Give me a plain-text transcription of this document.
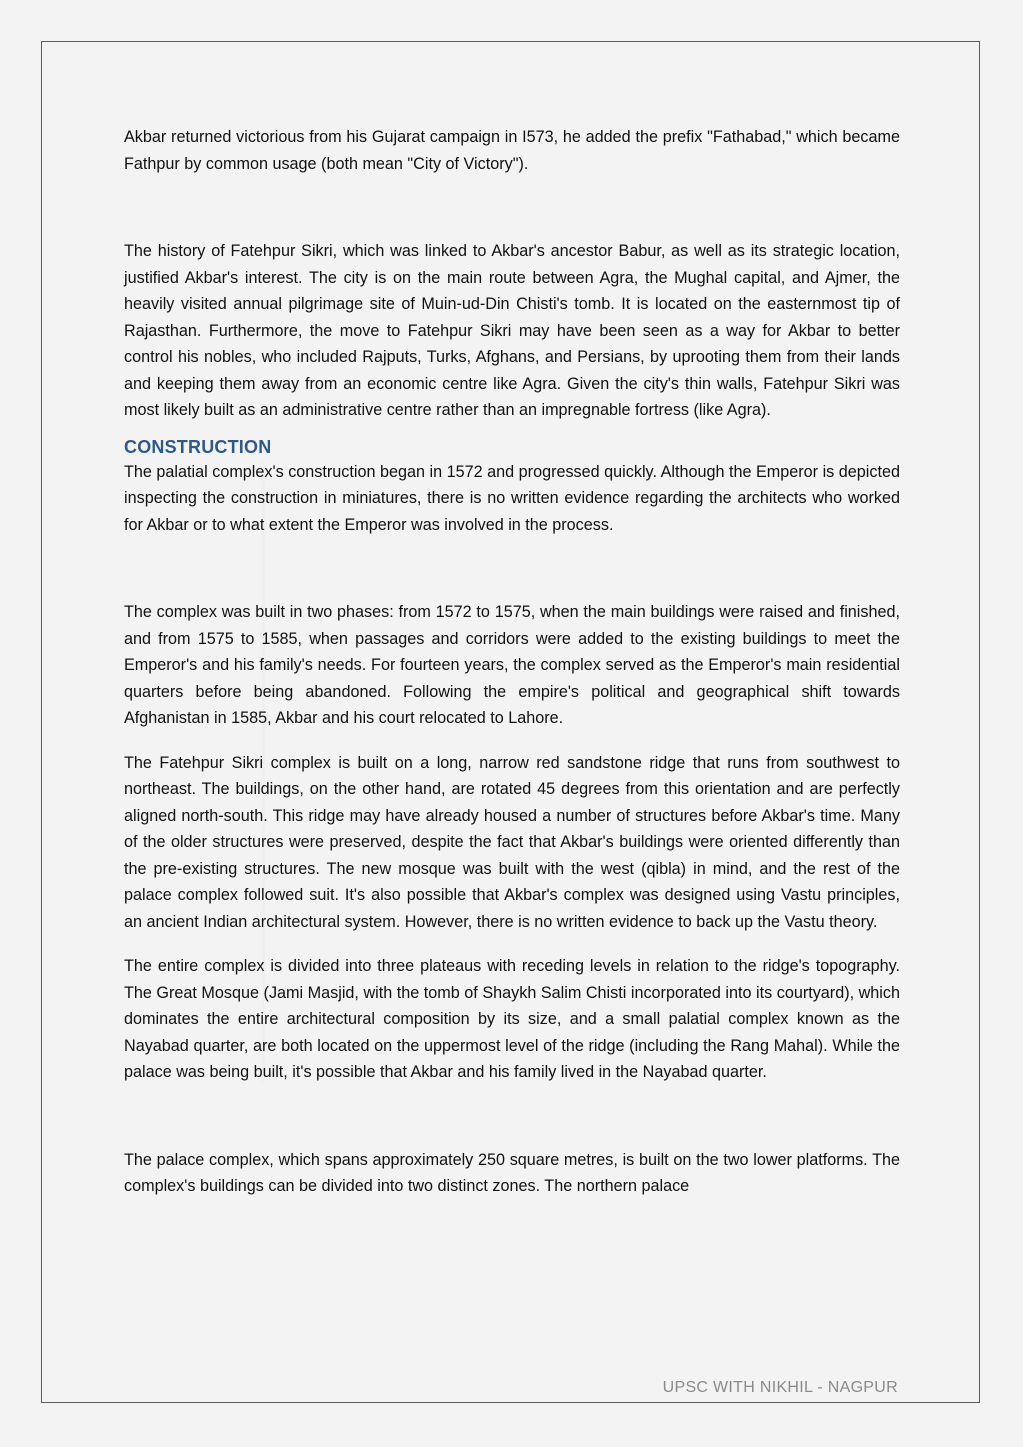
Akbar returned victorious from his Gujarat campaign in I573, he added the prefix "Fathabad," which became Fathpur by common usage (both mean "City of Victory").

The history of Fatehpur Sikri, which was linked to Akbar's ancestor Babur, as well as its strategic location, justified Akbar's interest. The city is on the main route between Agra, the Mughal capital, and Ajmer, the heavily visited annual pilgrimage site of Muin-ud-Din Chisti's tomb. It is located on the easternmost tip of Rajasthan. Furthermore, the move to Fatehpur Sikri may have been seen as a way for Akbar to better control his nobles, who included Rajputs, Turks, Afghans, and Persians, by uprooting them from their lands and keeping them away from an economic centre like Agra. Given the city's thin walls, Fatehpur Sikri was most likely built as an administrative centre rather than an impregnable fortress (like Agra).

CONSTRUCTION

The palatial complex's construction began in 1572 and progressed quickly. Although the Emperor is depicted inspecting the construction in miniatures, there is no written evidence regarding the architects who worked for Akbar or to what extent the Emperor was involved in the process.

The complex was built in two phases: from 1572 to 1575, when the main buildings were raised and finished, and from 1575 to 1585, when passages and corridors were added to the existing buildings to meet the Emperor's and his family's needs. For fourteen years, the complex served as the Emperor's main residential quarters before being abandoned. Following the empire's political and geographical shift towards Afghanistan in 1585, Akbar and his court relocated to Lahore.

The Fatehpur Sikri complex is built on a long, narrow red sandstone ridge that runs from southwest to northeast. The buildings, on the other hand, are rotated 45 degrees from this orientation and are perfectly aligned north-south. This ridge may have already housed a number of structures before Akbar's time. Many of the older structures were preserved, despite the fact that Akbar's buildings were oriented differently than the pre-existing structures. The new mosque was built with the west (qibla) in mind, and the rest of the palace complex followed suit. It's also possible that Akbar's complex was designed using Vastu principles, an ancient Indian architectural system. However, there is no written evidence to back up the Vastu theory.

The entire complex is divided into three plateaus with receding levels in relation to the ridge's topography. The Great Mosque (Jami Masjid, with the tomb of Shaykh Salim Chisti incorporated into its courtyard), which dominates the entire architectural composition by its size, and a small palatial complex known as the Nayabad quarter, are both located on the uppermost level of the ridge (including the Rang Mahal). While the palace was being built, it's possible that Akbar and his family lived in the Nayabad quarter.

The palace complex, which spans approximately 250 square metres, is built on the two lower platforms. The complex's buildings can be divided into two distinct zones. The northern palace

UPSC WITH NIKHIL - NAGPUR
